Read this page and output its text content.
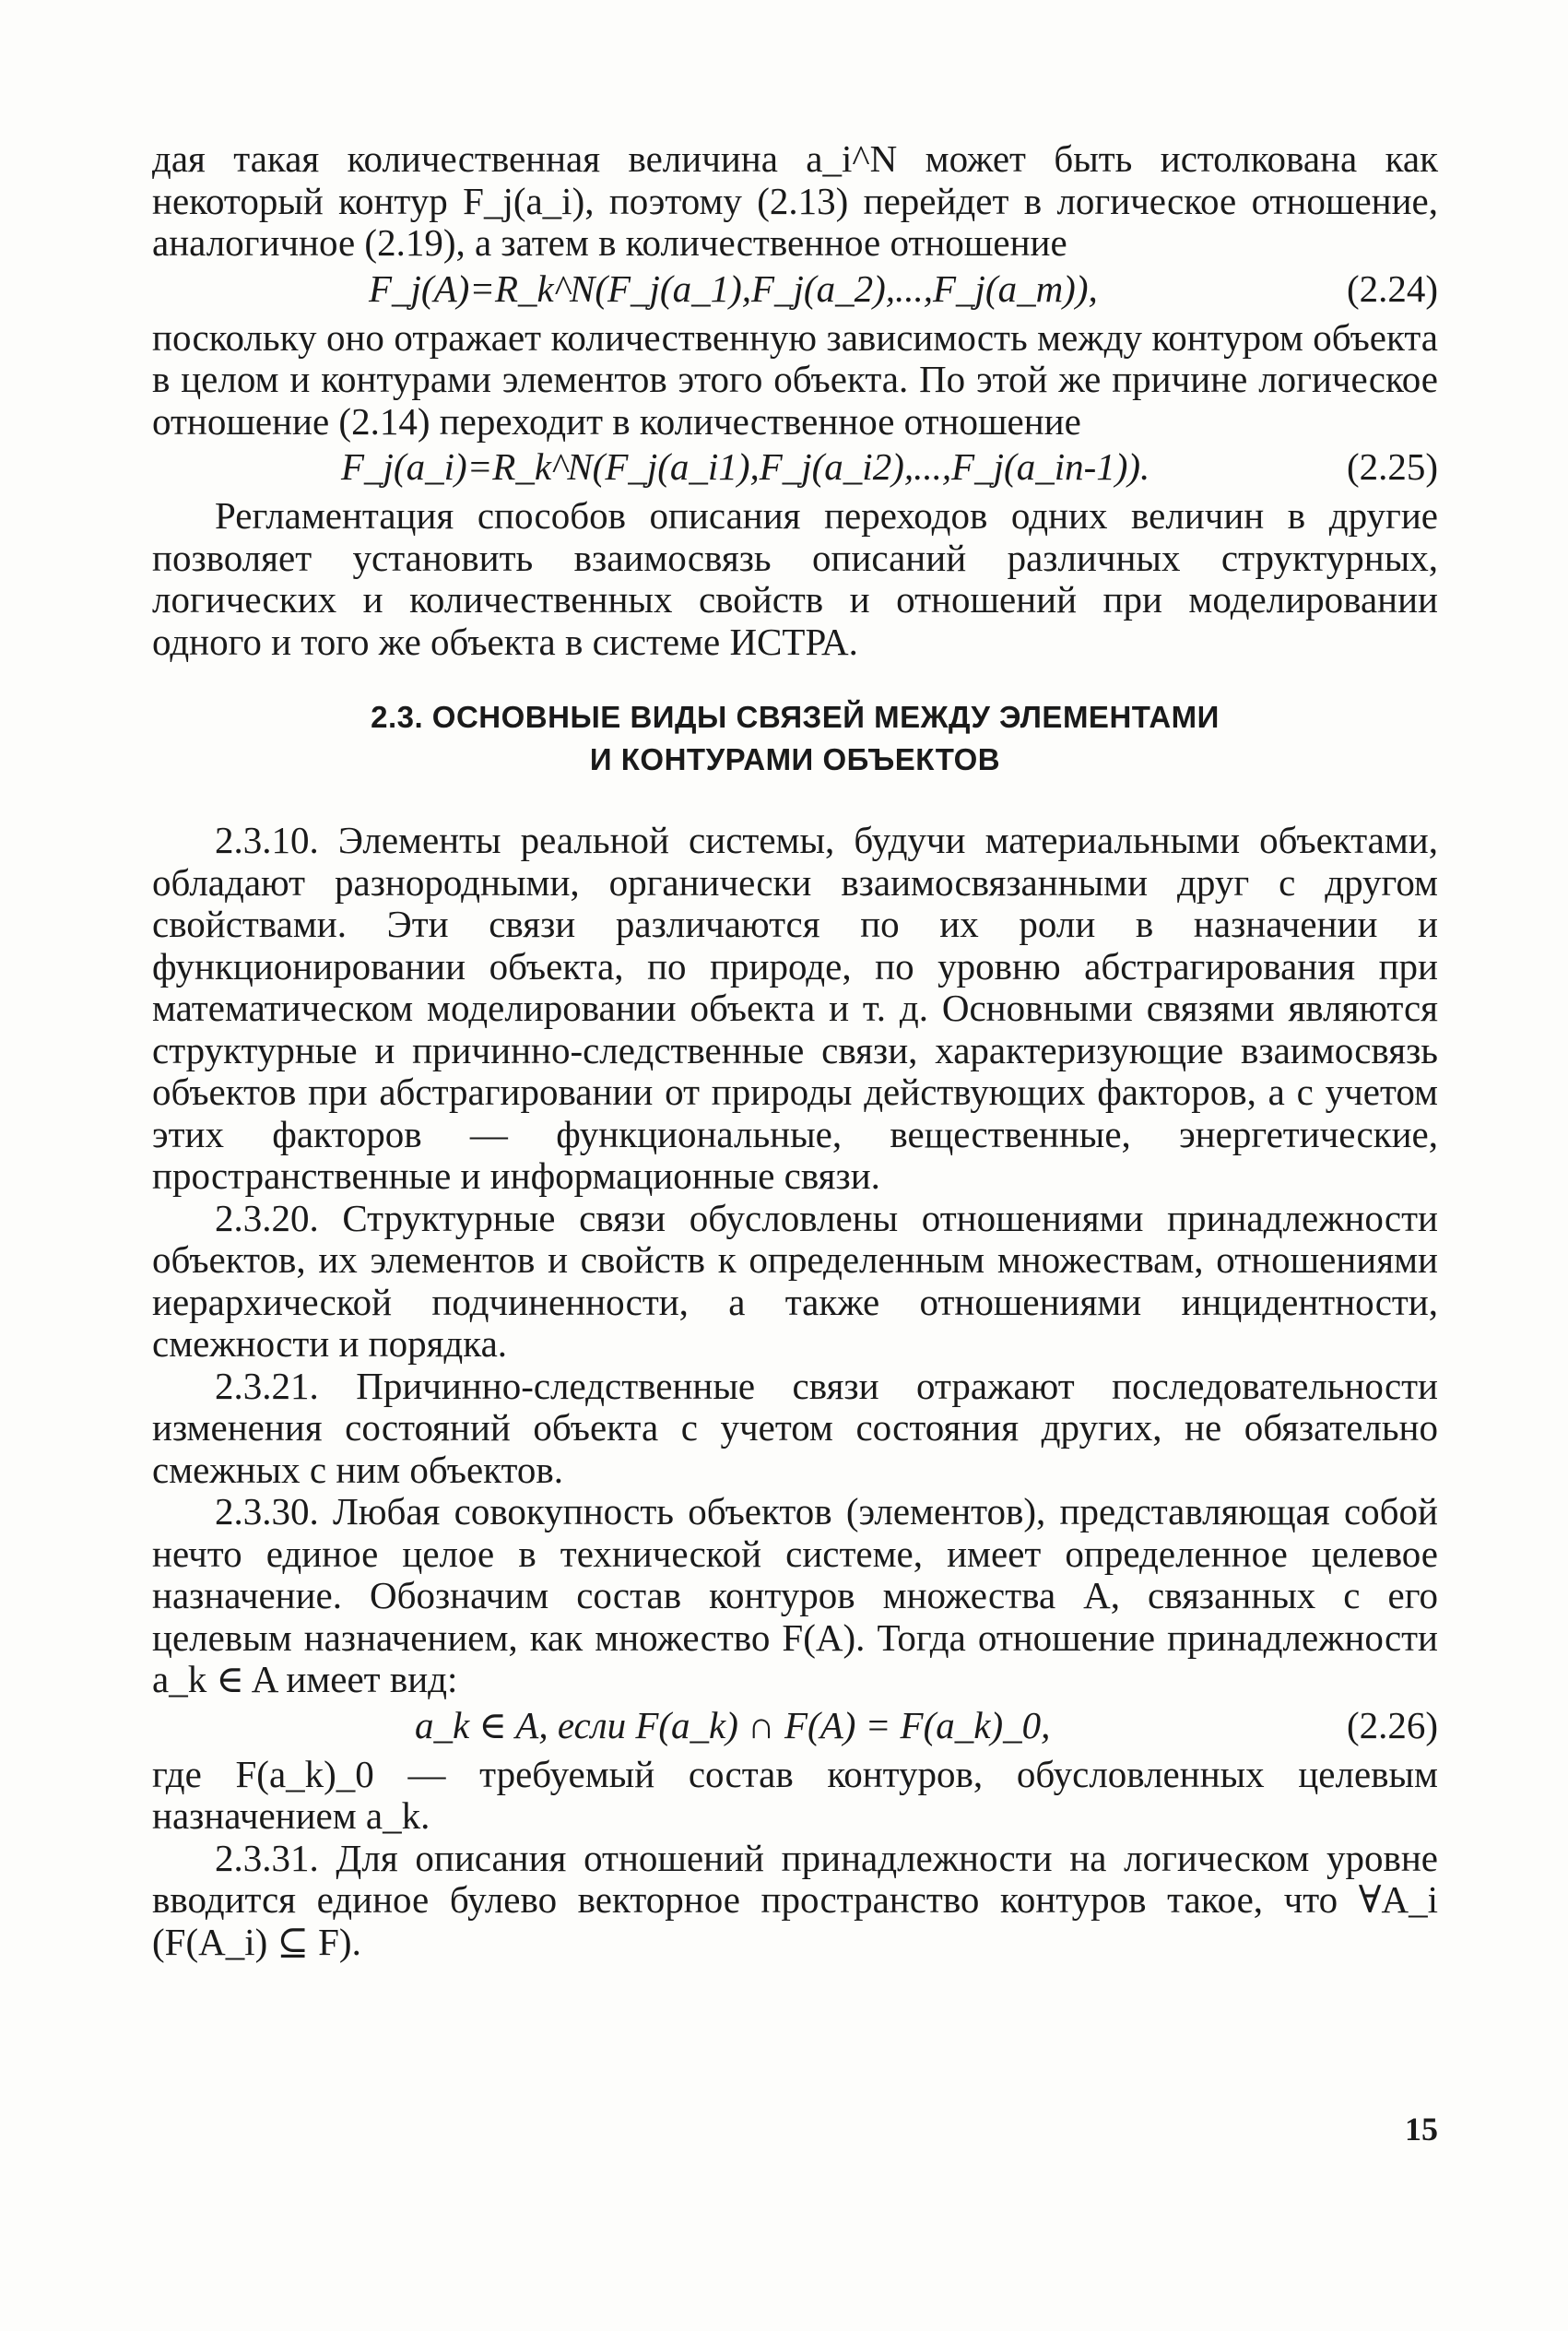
дая такая количественная величина a_i^N может быть истолкована как некоторый контур F_j(a_i), поэтому (2.13) перейдет в логическое отношение, аналогичное (2.19), а затем в количественное отношение

F_j(A)=R_k^N(F_j(a_1),F_j(a_2),...,F_j(a_m)),	(2.24)

поскольку оно отражает количественную зависимость между контуром объекта в целом и контурами элементов этого объекта. По этой же причине логическое отношение (2.14) переходит в количественное отношение

F_j(a_i)=R_k^N(F_j(a_i1),F_j(a_i2),...,F_j(a_in-1)).	(2.25)

Регламентация способов описания переходов одних величин в другие позволяет установить взаимосвязь описаний различных структурных, логических и количественных свойств и отношений при моделировании одного и того же объекта в системе ИСТРА.

2.3. ОСНОВНЫЕ ВИДЫ СВЯЗЕЙ МЕЖДУ ЭЛЕМЕНТАМИ
И КОНТУРАМИ ОБЪЕКТОВ

2.3.10. Элементы реальной системы, будучи материальными объектами, обладают разнородными, органически взаимосвязанными друг с другом свойствами. Эти связи различаются по их роли в назначении и функционировании объекта, по природе, по уровню абстрагирования при математическом моделировании объекта и т. д. Основными связями являются структурные и причинно-следственные связи, характеризующие взаимосвязь объектов при абстрагировании от природы действующих факторов, а с учетом этих факторов — функциональные, вещественные, энергетические, пространственные и информационные связи.

2.3.20. Структурные связи обусловлены отношениями принадлежности объектов, их элементов и свойств к определенным множествам, отношениями иерархической подчиненности, а также отношениями инцидентности, смежности и порядка.

2.3.21. Причинно-следственные связи отражают последовательности изменения состояний объекта с учетом состояния других, не обязательно смежных с ним объектов.

2.3.30. Любая совокупность объектов (элементов), представляющая собой нечто единое целое в технической системе, имеет определенное целевое назначение. Обозначим состав контуров множества A, связанных с его целевым назначением, как множество F(A). Тогда отношение принадлежности a_k ∈ A имеет вид:

a_k ∈ A, если F(a_k) ∩ F(A) = F(a_k)_0,	(2.26)

где F(a_k)_0 — требуемый состав контуров, обусловленных целевым назначением a_k.

2.3.31. Для описания отношений принадлежности на логическом уровне вводится единое булево векторное пространство контуров такое, что ∀A_i (F(A_i) ⊆ F).

15
